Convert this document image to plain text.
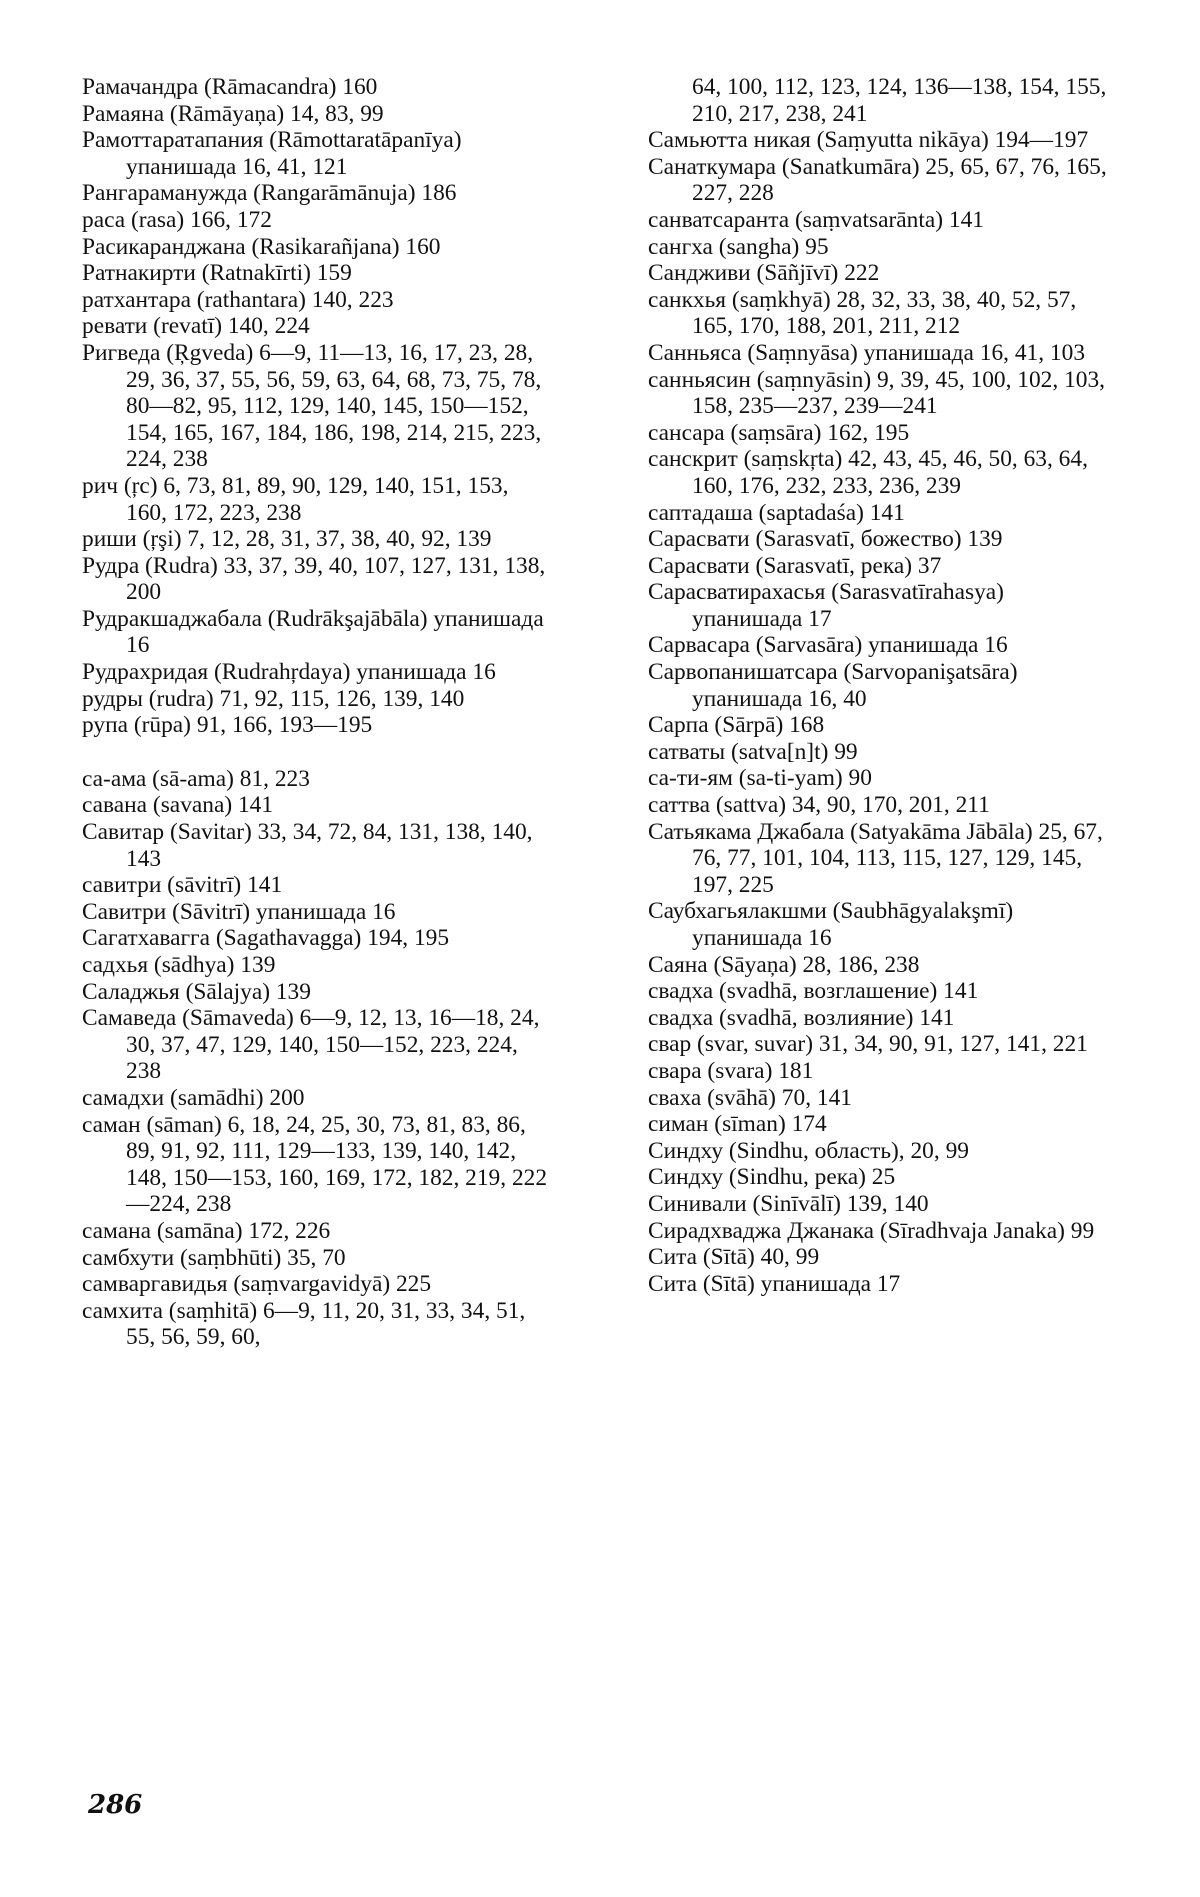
Рамачандра (Rāmacandra) 160

Рамаяна (Rāmāyaņa) 14, 83, 99

Рамоттаратапания (Rāmottaratāpanīya) упанишада 16, 41, 121

Рангараманужда (Rangarāmānuja) 186

раса (rasa) 166, 172

Расикаранджана (Rasikarañjana) 160

Ратнакирти (Ratnakīrti) 159

ратхантара (rathantara) 140, 223

ревати (revatī) 140, 224

Ригведа (Ŗgveda) 6—9, 11—13, 16, 17, 23, 28, 29, 36, 37, 55, 56, 59, 63, 64, 68, 73, 75, 78, 80—82, 95, 112, 129, 140, 145, 150—152, 154, 165, 167, 184, 186, 198, 214, 215, 223, 224, 238

рич (ŗc) 6, 73, 81, 89, 90, 129, 140, 151, 153, 160, 172, 223, 238

риши (ŗşi) 7, 12, 28, 31, 37, 38, 40, 92, 139

Рудра (Rudra) 33, 37, 39, 40, 107, 127, 131, 138, 200

Рудракшаджабала (Rudrākşajābāla) упанишада 16

Рудрахридая (Rudrahŗdaya) упанишада 16

рудры (rudra) 71, 92, 115, 126, 139, 140

рупа (rūpa) 91, 166, 193—195

са-ама (sā-ama) 81, 223

савана (savana) 141

Савитар (Savitar) 33, 34, 72, 84, 131, 138, 140, 143

савитри (sāvitrī) 141

Савитри (Sāvitrī) упанишада 16

Сагатхавагга (Sagathavagga) 194, 195

садхья (sādhya) 139

Саладжья (Sālajya) 139

Самаведа (Sāmaveda) 6—9, 12, 13, 16—18, 24, 30, 37, 47, 129, 140, 150—152, 223, 224, 238

самадхи (samādhi) 200

саман (sāman) 6, 18, 24, 25, 30, 73, 81, 83, 86, 89, 91, 92, 111, 129—133, 139, 140, 142, 148, 150—153, 160, 169, 172, 182, 219, 222—224, 238

самана (samāna) 172, 226

самбхути (saṃbhūti) 35, 70

самваргавидья (saṃvargavidyā) 225

самхита (saṃhitā) 6—9, 11, 20, 31, 33, 34, 51, 55, 56, 59, 60,

64, 100, 112, 123, 124, 136—138, 154, 155, 210, 217, 238, 241

Самьютта никая (Saṃyutta nikāya) 194—197

Санаткумара (Sanatkumāra) 25, 65, 67, 76, 165, 227, 228

санватсаранта (saṃvatsarānta) 141

сангха (sangha) 95

Сандживи (Sāñjīvī) 222

санкхья (saṃkhyā) 28, 32, 33, 38, 40, 52, 57, 165, 170, 188, 201, 211, 212

Санньяса (Saṃnyāsa) упанишада 16, 41, 103

санньясин (saṃnyāsin) 9, 39, 45, 100, 102, 103, 158, 235—237, 239—241

сансара (saṃsāra) 162, 195

санскрит (saṃskŗta) 42, 43, 45, 46, 50, 63, 64, 160, 176, 232, 233, 236, 239

саптадаша (saptadaśa) 141

Сарасвати (Sarasvatī, божество) 139

Сарасвати (Sarasvatī, река) 37

Сарасватирахасья (Sarasvatīrahasya) упанишада 17

Сарвасара (Sarvasāra) упанишада 16

Сарвопанишатсара (Sarvopanişatsāra) упанишада 16, 40

Сарпа (Sārpā) 168

сатваты (satva[n]t) 99

са-ти-ям (sa-ti-yam) 90

саттва (sattva) 34, 90, 170, 201, 211

Сатьякама Джабала (Satyakāma Jābāla) 25, 67, 76, 77, 101, 104, 113, 115, 127, 129, 145, 197, 225

Саубхагьялакшми (Saubhāgyalakşmī) упанишада 16

Саяна (Sāyaņa) 28, 186, 238

свадха (svadhā, возглашение) 141

свадха (svadhā, возлияние) 141

свар (svar, suvar) 31, 34, 90, 91, 127, 141, 221

свара (svara) 181

сваха (svāhā) 70, 141

симан (sīman) 174

Синдху (Sindhu, область), 20, 99

Синдху (Sindhu, река) 25

Синивали (Sinīvālī) 139, 140

Сирадхваджа Джанака (Sīradhvaja Janaka) 99

Сита (Sītā) 40, 99

Сита (Sītā) упанишада 17

286
